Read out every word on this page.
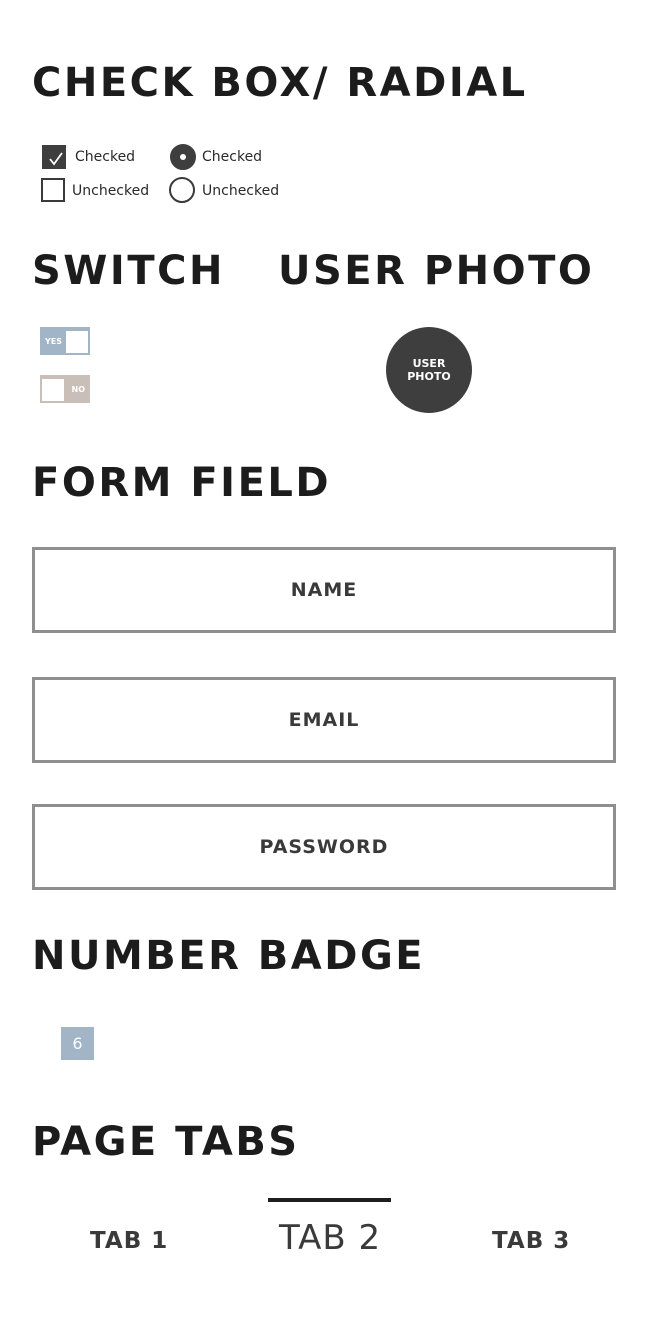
CHECK BOX/ RADIAL
Checked
Unchecked
Checked
Unchecked
SWITCH
YES
NO
USER PHOTO
USER PHOTO
FORM FIELD
NAME
EMAIL
NUMBER BADGE
6
PAGE TABS
TAB 1	TAB 2	TAB 3
